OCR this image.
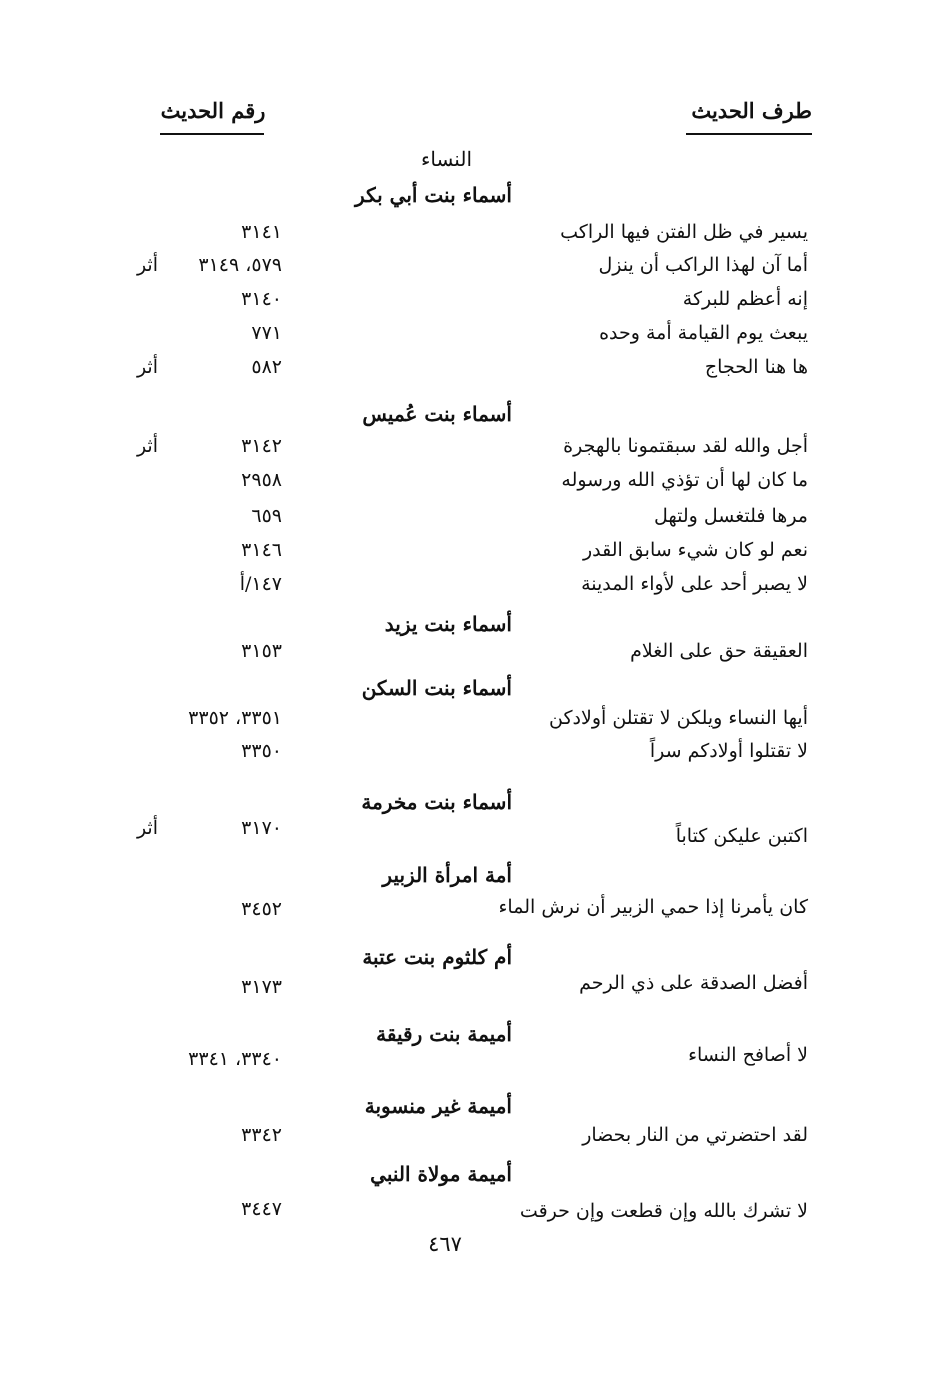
طرف الحديث
رقم الحديث
النساء
أسماء بنت أبي بكر
يسير في ظل الفتن فيها الراكب
٣١٤١
أما آن لهذا الراكب أن ينزل
٥٧٩، ٣١٤٩
أثر
إنه أعظم للبركة
٣١٤٠
يبعث يوم القيامة أمة وحده
٧٧١
ها هنا الحجاج
٥٨٢
أثر
أسماء بنت عُميس
أجل والله لقد سبقتمونا بالهجرة
٣١٤٢
أثر
ما كان لها أن تؤذي الله ورسوله
٢٩٥٨
مرها فلتغسل ولتهل
٦٥٩
نعم لو كان شيء سابق القدر
٣١٤٦
لا يصبر أحد على لأواء المدينة
١٤٧/أ
أسماء بنت يزيد
العقيقة حق على الغلام
٣١٥٣
أسماء بنت السكن
أيها النساء ويلكن لا تقتلن أولادكن
٣٣٥١، ٣٣٥٢
لا تقتلوا أولادكم سراً
٣٣٥٠
أسماء بنت مخرمة
اكتبن عليكن كتاباً
٣١٧٠
أثر
أمة امرأة الزبير
كان يأمرنا إذا حمي الزبير أن نرش الماء
٣٤٥٢
أم كلثوم بنت عتبة
أفضل الصدقة على ذي الرحم
٣١٧٣
أميمة بنت رقيقة
لا أصافح النساء
٣٣٤٠، ٣٣٤١
أميمة غير منسوبة
لقد احتضرتي من النار بحضار
٣٣٤٢
أميمة مولاة النبي
لا تشرك بالله وإن قطعت وإن حرقت
٣٤٤٧
٤٦٧
